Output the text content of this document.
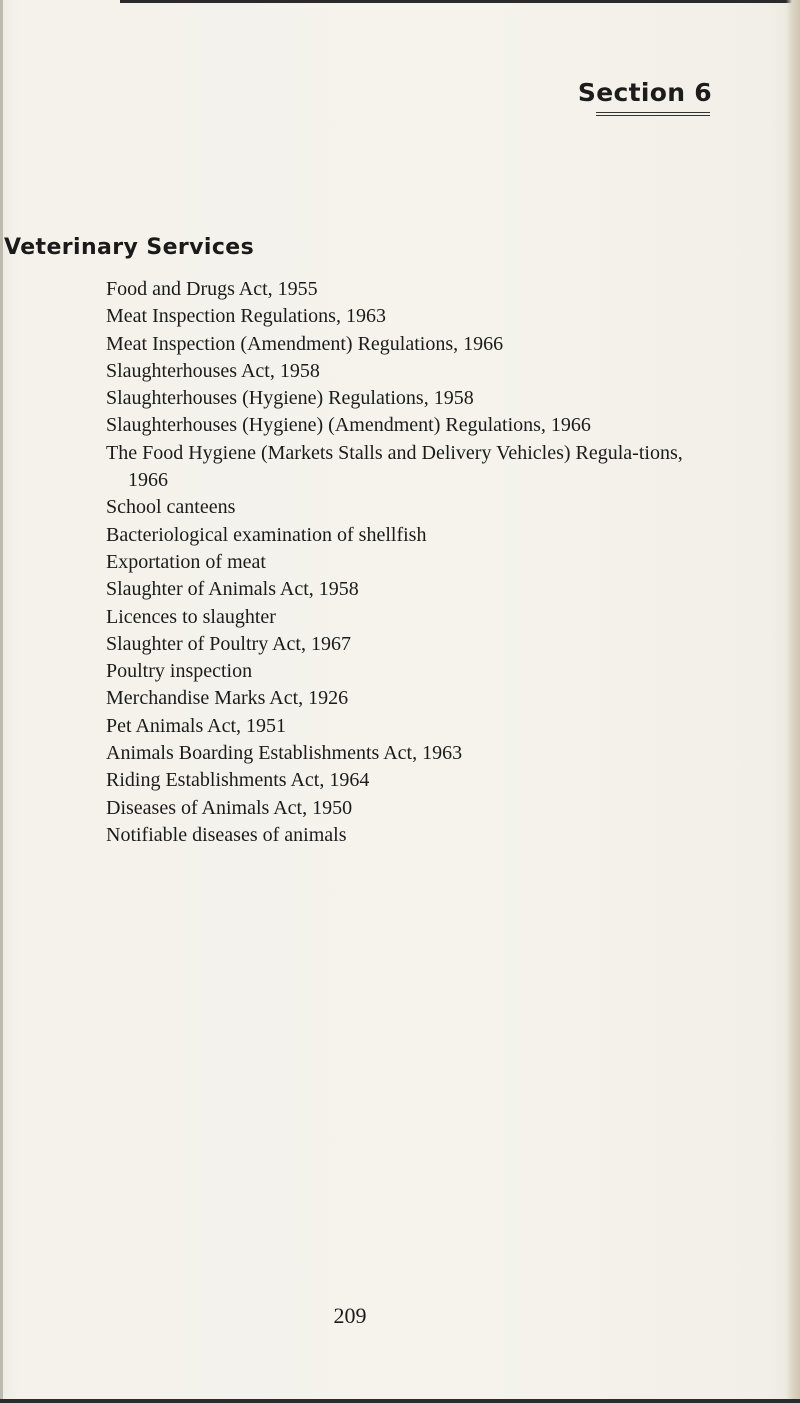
Section 6

Veterinary Services
Food and Drugs Act, 1955
Meat Inspection Regulations, 1963
Meat Inspection (Amendment) Regulations, 1966
Slaughterhouses Act, 1958
Slaughterhouses (Hygiene) Regulations, 1958
Slaughterhouses (Hygiene) (Amendment) Regulations, 1966
The Food Hygiene (Markets Stalls and Delivery Vehicles) Regula-tions, 1966
School canteens
Bacteriological examination of shellfish
Exportation of meat
Slaughter of Animals Act, 1958
Licences to slaughter
Slaughter of Poultry Act, 1967
Poultry inspection
Merchandise Marks Act, 1926
Pet Animals Act, 1951
Animals Boarding Establishments Act, 1963
Riding Establishments Act, 1964
Diseases of Animals Act, 1950
Notifiable diseases of animals

209
